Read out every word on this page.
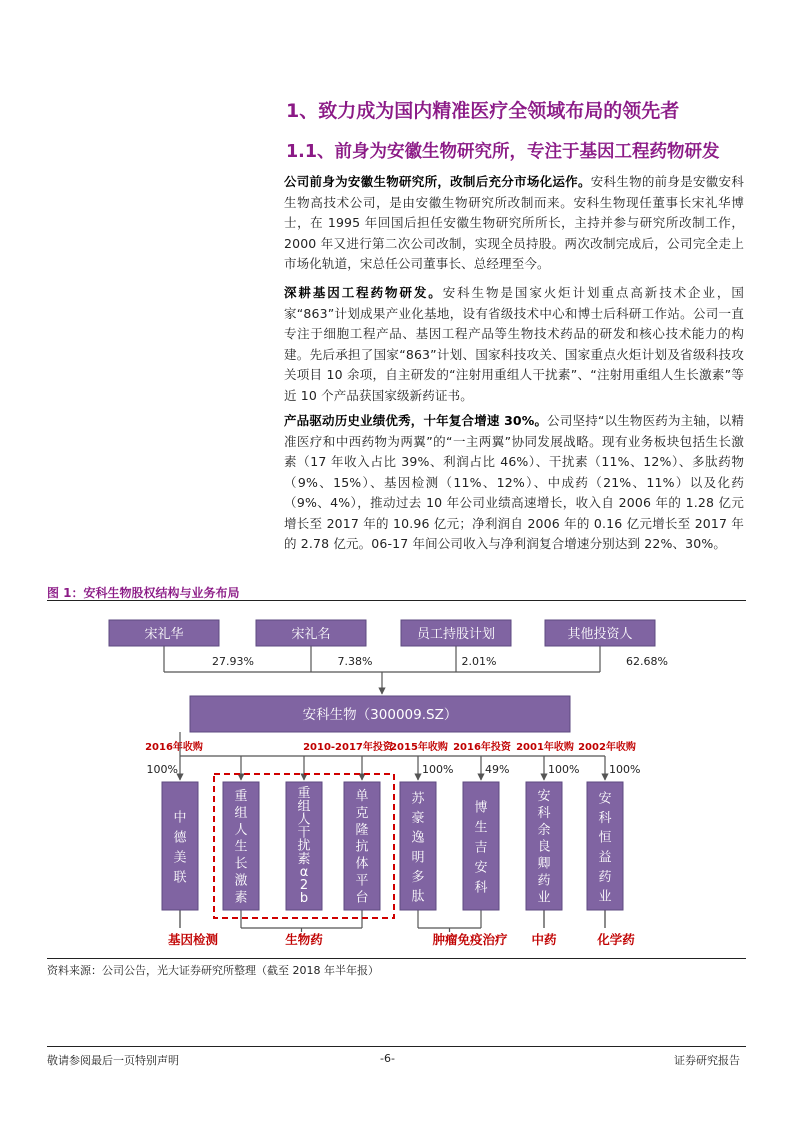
1、致力成为国内精准医疗全领域布局的领先者
1.1、前身为安徽生物研究所，专注于基因工程药物研发
公司前身为安徽生物研究所，改制后充分市场化运作。安科生物的前身是安徽安科生物高技术公司，是由安徽生物研究所改制而来。安科生物现任董事长宋礼华博士，在 1995 年回国后担任安徽生物研究所所长，主持并参与研究所改制工作，2000 年又进行第二次公司改制，实现全员持股。两次改制完成后，公司完全走上市场化轨道，宋总任公司董事长、总经理至今。
深耕基因工程药物研发。安科生物是国家火炬计划重点高新技术企业，国家“863”计划成果产业化基地，设有省级技术中心和博士后科研工作站。公司一直专注于细胞工程产品、基因工程产品等生物技术药品的研发和核心技术能力的构建。先后承担了国家“863”计划、国家科技攻关、国家重点火炬计划及省级科技攻关项目 10 余项，自主研发的“注射用重组人干扰素”、“注射用重组人生长激素”等近 10 个产品获国家级新药证书。
产品驱动历史业绩优秀，十年复合增速 30%。公司坚持“以生物医药为主轴，以精准医疗和中西药物为两翼”的“一主两翼”协同发展战略。现有业务板块包括生长激素（17 年收入占比 39%、利润占比 46%）、干扰素（11%、12%）、多肽药物（9%、15%）、基因检测（11%、12%）、中成药（21%、11%）以及化药（9%、4%），推动过去 10 年公司业绩高速增长，收入自 2006 年的 1.28 亿元增长至 2017 年的 10.96 亿元；净利润自 2006 年的 0.16 亿元增长至 2017 年的 2.78 亿元。06-17 年间公司收入与净利润复合增速分别达到 22%、30%。
图 1：安科生物股权结构与业务布局
宋礼华
27.93%
宋礼名
7.38%
员工持股计划
2.01%
其他投资人
62.68%
安科生物（300009.SZ）
2016年收购	2010-2017年投资
2015年收购 2016年投资 2001年收购 2002年收购
100%
中德美联
重组人生长激素
重组人干扰素 α 2 b
单克隆抗体平台
100%
苏豪逸明多肽
49%
博生吉安科
100%
安科余良卿药业
100%
安科恒益药业
基因检测	生物药	肿瘤免疫治疗 中药	化学药
资料来源：公司公告，光大证券研究所整理（截至 2018 年半年报）
敬请参阅最后一页特别声明	-6-	证券研究报告
